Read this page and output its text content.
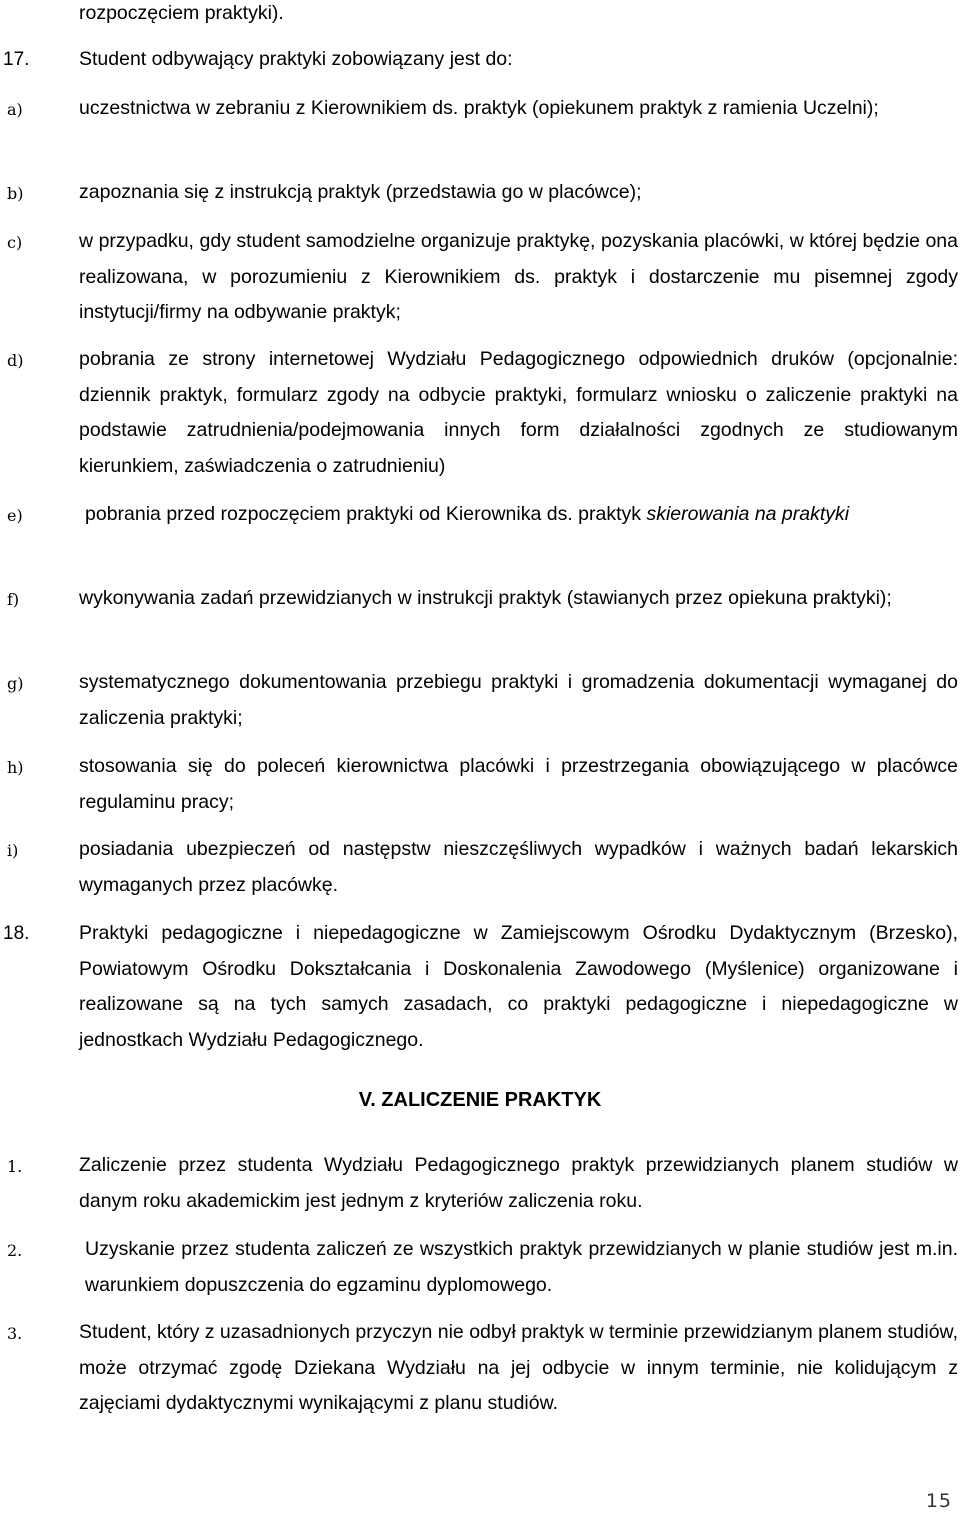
rozpoczęciem praktyki).
17.	Student odbywający praktyki zobowiązany jest do:
a)	uczestnictwa w zebraniu z Kierownikiem ds. praktyk (opiekunem praktyk z ramienia Uczelni);
b)	zapoznania się z instrukcją praktyk (przedstawia go w placówce);
c)	w przypadku, gdy student samodzielne organizuje praktykę, pozyskania placówki, w której będzie ona realizowana, w porozumieniu z Kierownikiem ds. praktyk i dostarczenie mu pisemnej zgody instytucji/firmy na odbywanie praktyk;
d)	pobrania ze strony internetowej Wydziału Pedagogicznego odpowiednich druków (opcjonalnie: dziennik praktyk, formularz zgody na odbycie praktyki, formularz wniosku o zaliczenie praktyki na podstawie zatrudnienia/podejmowania innych form działalności zgodnych ze studiowanym kierunkiem, zaświadczenia o zatrudnieniu)
e)	pobrania przed rozpoczęciem praktyki od Kierownika ds. praktyk skierowania na praktyki
f)	wykonywania zadań przewidzianych w instrukcji praktyk (stawianych przez opiekuna praktyki);
g)	systematycznego dokumentowania przebiegu praktyki i gromadzenia dokumentacji wymaganej do zaliczenia praktyki;
h)	stosowania się do poleceń kierownictwa placówki i przestrzegania obowiązującego w placówce regulaminu pracy;
i)	posiadania ubezpieczeń od następstw nieszczęśliwych wypadków i ważnych badań lekarskich wymaganych przez placówkę.
18.	Praktyki pedagogiczne i niepedagogiczne w Zamiejscowym Ośrodku Dydaktycznym (Brzesko), Powiatowym Ośrodku Dokształcania i Doskonalenia Zawodowego (Myślenice) organizowane i realizowane są na tych samych zasadach, co praktyki pedagogiczne i niepedagogiczne w jednostkach Wydziału Pedagogicznego.
V. ZALICZENIE PRAKTYK
1.	Zaliczenie przez studenta Wydziału Pedagogicznego praktyk przewidzianych planem studiów w danym roku akademickim jest jednym z kryteriów zaliczenia roku.
2.	Uzyskanie przez studenta zaliczeń ze wszystkich praktyk przewidzianych w planie studiów jest m.in. warunkiem dopuszczenia do egzaminu dyplomowego.
3.	Student, który z uzasadnionych przyczyn nie odbył praktyk w terminie przewidzianym planem studiów, może otrzymać zgodę Dziekana Wydziału na jej odbycie w innym terminie, nie kolidującym z zajęciami dydaktycznymi wynikającymi z planu studiów.
15
